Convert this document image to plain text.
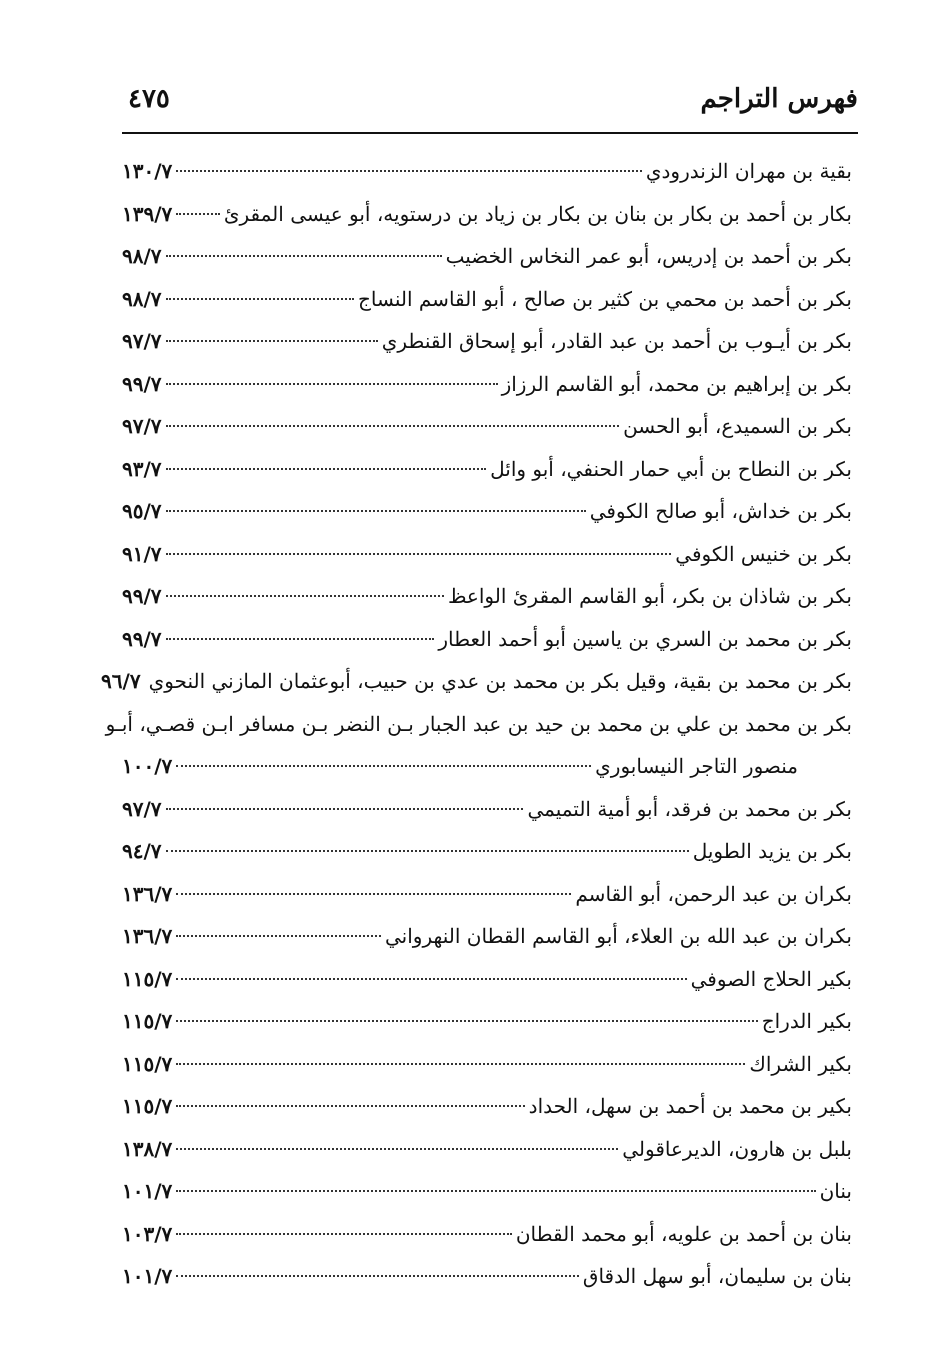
فهرس التراجم
٤٧٥
بقية بن مهران الزندرودي
١٣٠/٧
بكار بن أحمد بن بكار بن بنان بن بكار بن زياد بن درستويه، أبو عيسى المقرئ
١٣٩/٧
بكر بن أحمد بن إدريس، أبو عمر النخاس الخضيب
٩٨/٧
بكر بن أحمد بن محمي بن كثير بن صالح ، أبو القاسم النساج
٩٨/٧
بكر بن أيـوب بن أحمد بن عبد القادر، أبو إسحاق القنطري
٩٧/٧
بكر بن إبراهيم بن محمد، أبو القاسم الرزاز
٩٩/٧
بكر بن السميدع، أبو الحسن
٩٧/٧
بكر بن النطاح بن أبي حمار الحنفي، أبو وائل
٩٣/٧
بكر بن خداش، أبو صالح الكوفي
٩٥/٧
بكر بن خنيس الكوفي
٩١/٧
بكر بن شاذان بن بكر، أبو القاسم المقرئ الواعظ
٩٩/٧
بكر بن محمد بن السري بن ياسين أبو أحمد العطار
٩٩/٧
بكر بن محمد بن بقية، وقيل بكر بن محمد بن عدي بن حبيب، أبوعثمان المازني النحوي
٩٦/٧
بكر بن محمد بن علي بن محمد بن حيد بن عبد الجبار بـن النضر بـن مسافر ابـن قصـي، أبـو
منصور التاجر النيسابوري
١٠٠/٧
بكر بن محمد بن فرقد، أبو أمية التميمي
٩٧/٧
بكر بن يزيد الطويل
٩٤/٧
بكران بن عبد الرحمن، أبو القاسم
١٣٦/٧
بكران بن عبد الله بن العلاء، أبو القاسم القطان النهرواني
١٣٦/٧
بكير الحلاج الصوفي
١١٥/٧
بكير الدراج
١١٥/٧
بكير الشراك
١١٥/٧
بكير بن محمد بن أحمد بن سهل، الحداد
١١٥/٧
بلبل بن هارون، الديرعاقولي
١٣٨/٧
بنان
١٠١/٧
بنان بن أحمد بن علويه، أبو محمد القطان
١٠٣/٧
بنان بن سليمان، أبو سهل الدقاق
١٠١/٧
